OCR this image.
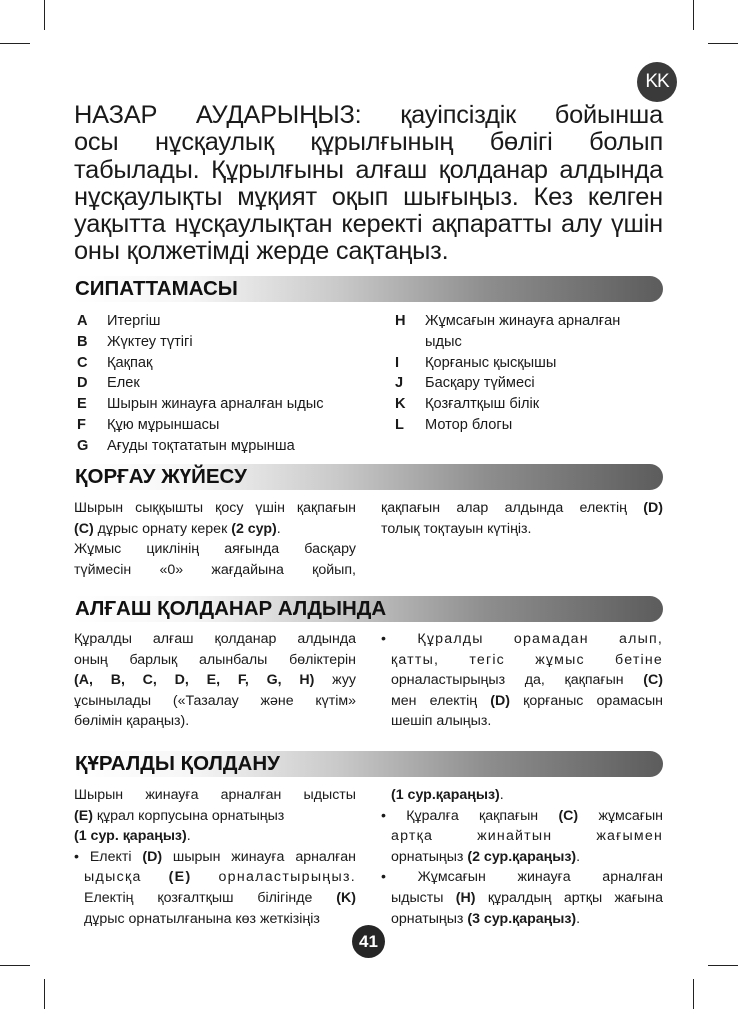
KK
НАЗАР АУДАРЫҢЫЗ: қауіпсіздік бойынша
осы нұсқаулық құрылғының бөлігі болып
табылады. Құрылғыны алғаш қолданар алдында
нұсқаулықты мұқият оқып шығыңыз. Кез келген
уақытта нұсқаулықтан керекті ақпаратты алу үшін
оны қолжетімді жерде сақтаңыз.
СИПАТТАМАСЫ
A	Итергіш
B	Жүктеу түтігі
C	Қақпақ
D	Елек
E	Шырын жинауға арналған ыдыс
F	Құю мұрыншасы
G	Ағуды тоқтататын мұрынша
H	Жұмсағын жинауға арналған
ыдыс
I	Қорғаныс қысқышы
J	Басқару түймесі
K	Қозғалтқыш білік
L	Мотор блогы
ҚОРҒАУ ЖҮЙЕСУ

Шырын сыққышты қосу үшін қақпағын

(C) дұрыс орнату керек (2 сур).

Жұмыс циклінің аяғында басқару

түймесін «0» жағдайына қойып,

қақпағын алар алдында електің (D)

толық тоқтауын күтіңіз.

АЛҒАШ ҚОЛДАНАР АЛДЫНДА

Құралды алғаш қолданар алдында

оның барлық алынбалы бөліктерін

(A, B, C, D, E, F, G, H) жуу

ұсынылады («Тазалау және күтім»

бөлімін қараңыз).

• Құралды орамадан алып,

қатты, тегіс жұмыс бетіне

орналастырыңыз да, қақпағын (C)

мен електің (D) қорғаныс орамасын

шешіп алыңыз.

ҚҰРАЛДЫ ҚОЛДАНУ

Шырын жинауға арналған ыдысты

(E) құрал корпусына орнатыңыз

(1 сур. қараңыз).

• Електі (D) шырын жинауға арналған

ыдысқа (E) орналастырыңыз.

Електің қозғалтқыш білігінде (K)

дұрыс орнатылғанына көз жеткізіңіз

(1 сур.қараңыз).

• Құралға қақпағын (C) жұмсағын

артқа жинайтын жағымен

орнатыңыз (2 сур.қараңыз).

• Жұмсағын жинауға арналған

ыдысты (H) құралдың артқы жағына

орнатыңыз (3 сур.қараңыз).

41
